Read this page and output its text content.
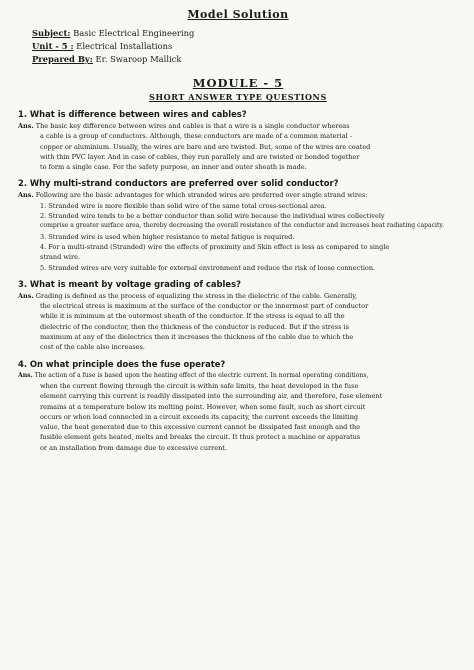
Model Solution
Subject: Basic Electrical Engineering
Unit - 5 : Electrical Installations
Prepared By: Er. Swaroop Mallick
MODULE - 5
SHORT ANSWER TYPE QUESTIONS
1. What is difference between wires and cables?
Ans. The basic key difference between wires and cables is that a wire is a single conductor whereas
a cable is a group of conductors. Although, these conductors are made of a common material -
copper or aluminium. Usually, the wires are bare and are twisted. But, some of the wires are coated
with thin PVC layer. And in case of cables, they run parallely and are twisted or bonded together
to form a single case. For the safety purpose, an inner and outer sheath is made.
2. Why multi-strand conductors are preferred over solid conductor?
Ans. Following are the basic advantages for which stranded wires are preferred over single strand wires:
1. Stranded wire is more flexible than solid wire of the same total cross-sectional area.
2. Stranded wire tends to be a better conductor than solid wire because the individual wires collectively
comprise a greater surface area, thereby decreasing the overall resistance of the conductor and increases heat radiating capacity.
3. Stranded wire is used when higher resistance to metal fatigue is required.
4. For a multi-strand (Stranded) wire the effects of proximity and Skin effect is less as compared to single
strand wire.
5. Stranded wires are very suitable for external environment and reduce the risk of loose connection.
3. What is meant by voltage grading of cables?
Ans. Grading is defined as the process of equalizing the stress in the dielectric of the cable. Generally,
the electrical stress is maximum at the surface of the conductor or the innermost part of conductor
while it is minimum at the outermost sheath of the conductor. If the stress is equal to all the
dielectric of the conductor, then the thickness of the conductor is reduced. But if the stress is
maximum at any of the dielectrics then it increases the thickness of the cable due to which the
cost of the cable also increases.
4. On what principle does the fuse operate?
Ans. The action of a fuse is based upon the heating effect of the electric current. In normal operating conditions,
when the current flowing through the circuit is within safe limits, the heat developed in the fuse
element carrying this current is readily dissipated into the surrounding air, and therefore, fuse element
remains at a temperature below its melting point. However, when some fault, such as short circuit
occurs or when load connected in a circuit exceeds its capacity, the current exceeds the limiting
value, the heat generated due to this excessive current cannot be dissipated fast enough and the
fusible element gets heated, melts and breaks the circuit. It thus protect a machine or apparatus
or an installation from damage due to excessive current.
